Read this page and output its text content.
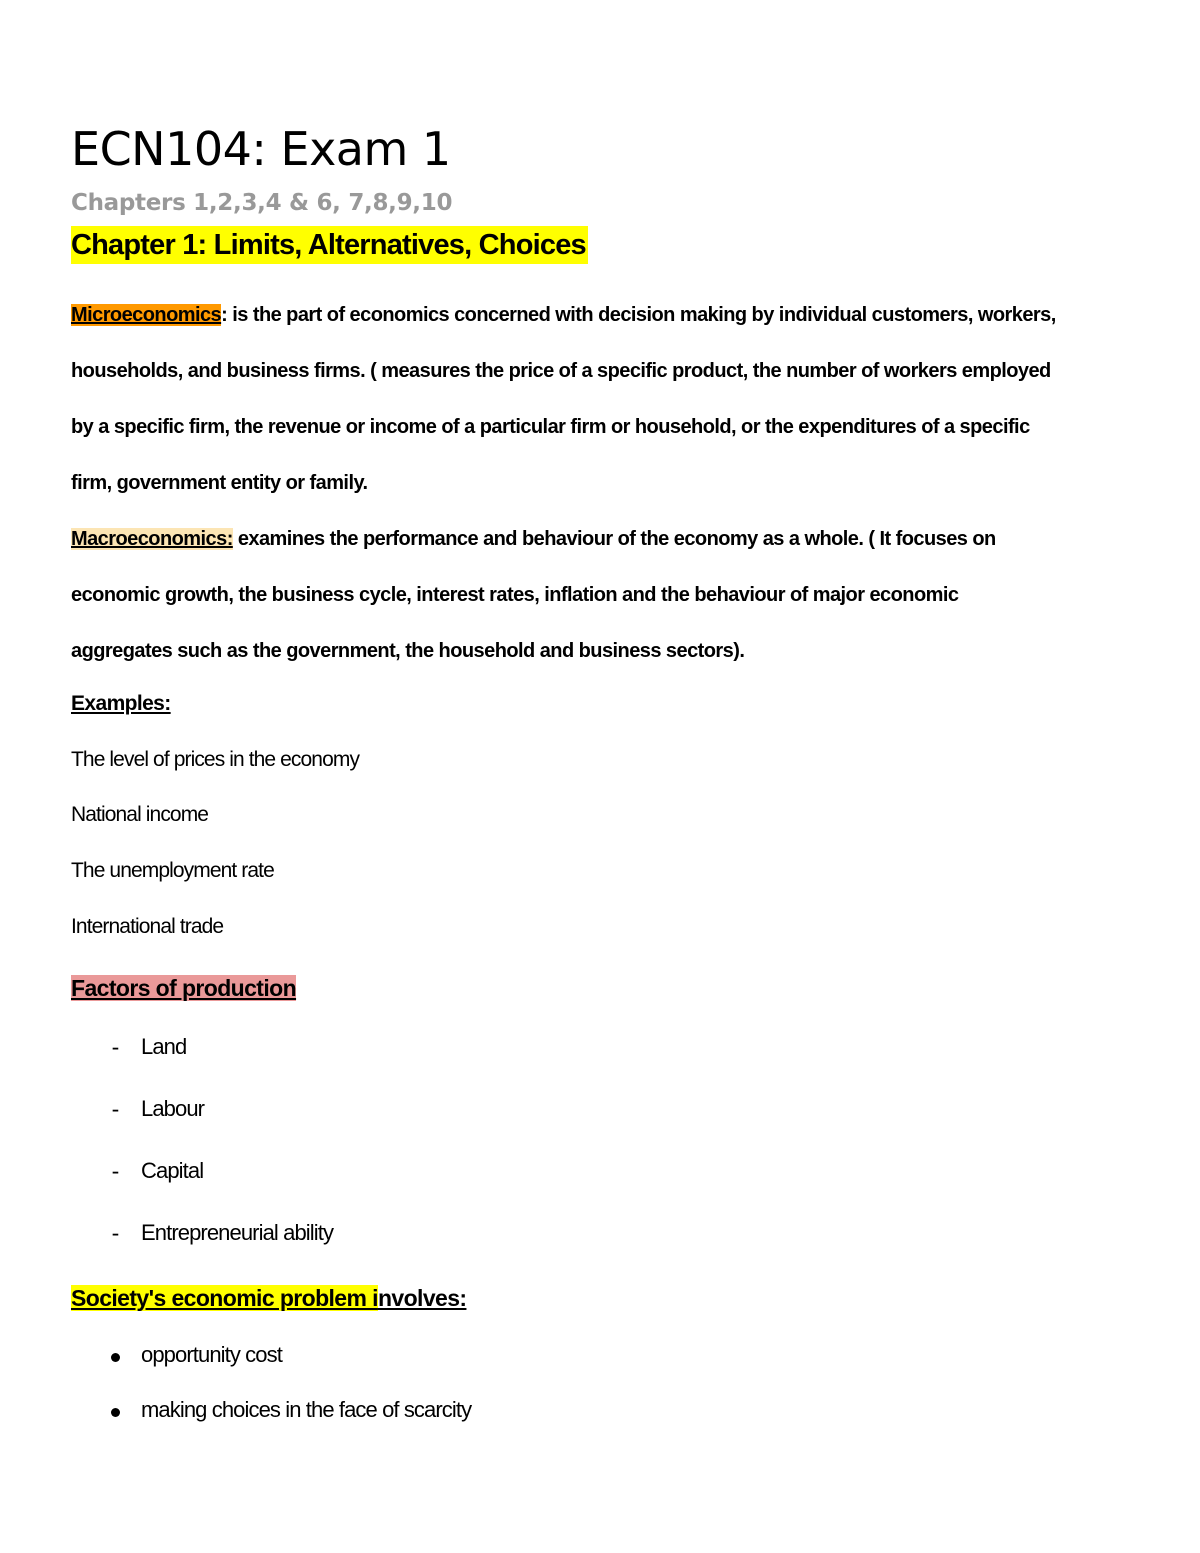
ECN104: Exam 1
Chapters 1,2,3,4 & 6, 7,8,9,10
Chapter 1: Limits, Alternatives, Choices
Microeconomics: is the part of economics concerned with decision making by individual customers, workers,
households, and business firms. ( measures the price of a specific product, the number of workers employed
by a specific firm, the revenue or income of a particular firm or household, or the expenditures of a specific
firm, government entity or family.
Macroeconomics: examines the performance and behaviour of the economy as a whole. ( It focuses on
economic growth, the business cycle, interest rates, inflation and the behaviour of major economic
aggregates such as the government, the household and business sectors).
Examples:
The level of prices in the economy
National income
The unemployment rate
International trade
Factors of production
-	Land
-	Labour
-	Capital
-	Entrepreneurial ability
Society's economic problem involves:
opportunity cost
making choices in the face of scarcity
